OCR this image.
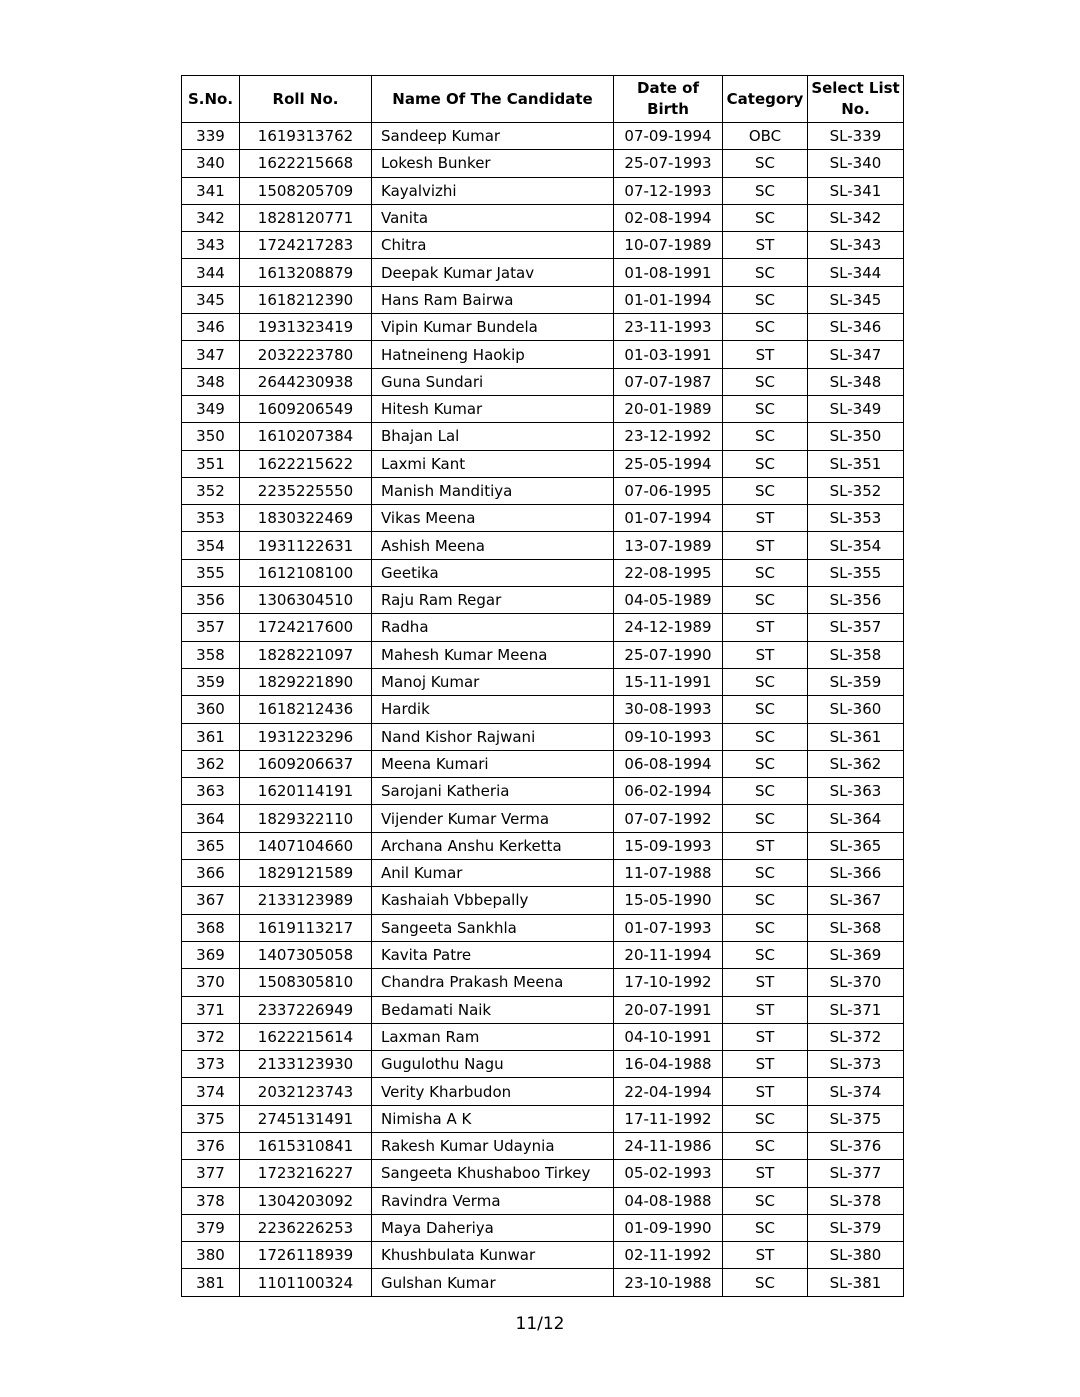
S.No.	Roll No.	Name Of The Candidate	Date of Birth	Category	Select List No.
339	1619313762	Sandeep Kumar	07-09-1994	OBC	SL-339
340	1622215668	Lokesh Bunker	25-07-1993	SC	SL-340
341	1508205709	Kayalvizhi	07-12-1993	SC	SL-341
342	1828120771	Vanita	02-08-1994	SC	SL-342
343	1724217283	Chitra	10-07-1989	ST	SL-343
344	1613208879	Deepak Kumar Jatav	01-08-1991	SC	SL-344
345	1618212390	Hans Ram Bairwa	01-01-1994	SC	SL-345
346	1931323419	Vipin Kumar Bundela	23-11-1993	SC	SL-346
347	2032223780	Hatneineng Haokip	01-03-1991	ST	SL-347
348	2644230938	Guna Sundari	07-07-1987	SC	SL-348
349	1609206549	Hitesh Kumar	20-01-1989	SC	SL-349
350	1610207384	Bhajan Lal	23-12-1992	SC	SL-350
351	1622215622	Laxmi Kant	25-05-1994	SC	SL-351
352	2235225550	Manish Manditiya	07-06-1995	SC	SL-352
353	1830322469	Vikas Meena	01-07-1994	ST	SL-353
354	1931122631	Ashish Meena	13-07-1989	ST	SL-354
355	1612108100	Geetika	22-08-1995	SC	SL-355
356	1306304510	Raju Ram Regar	04-05-1989	SC	SL-356
357	1724217600	Radha	24-12-1989	ST	SL-357
358	1828221097	Mahesh Kumar Meena	25-07-1990	ST	SL-358
359	1829221890	Manoj Kumar	15-11-1991	SC	SL-359
360	1618212436	Hardik	30-08-1993	SC	SL-360
361	1931223296	Nand Kishor Rajwani	09-10-1993	SC	SL-361
362	1609206637	Meena Kumari	06-08-1994	SC	SL-362
363	1620114191	Sarojani Katheria	06-02-1994	SC	SL-363
364	1829322110	Vijender Kumar Verma	07-07-1992	SC	SL-364
365	1407104660	Archana Anshu Kerketta	15-09-1993	ST	SL-365
366	1829121589	Anil Kumar	11-07-1988	SC	SL-366
367	2133123989	Kashaiah Vbbepally	15-05-1990	SC	SL-367
368	1619113217	Sangeeta Sankhla	01-07-1993	SC	SL-368
369	1407305058	Kavita Patre	20-11-1994	SC	SL-369
370	1508305810	Chandra Prakash Meena	17-10-1992	ST	SL-370
371	2337226949	Bedamati Naik	20-07-1991	ST	SL-371
372	1622215614	Laxman Ram	04-10-1991	ST	SL-372
373	2133123930	Gugulothu Nagu	16-04-1988	ST	SL-373
374	2032123743	Verity Kharbudon	22-04-1994	ST	SL-374
375	2745131491	Nimisha A K	17-11-1992	SC	SL-375
376	1615310841	Rakesh Kumar Udaynia	24-11-1986	SC	SL-376
377	1723216227	Sangeeta Khushaboo Tirkey	05-02-1993	ST	SL-377
378	1304203092	Ravindra Verma	04-08-1988	SC	SL-378
379	2236226253	Maya Daheriya	01-09-1990	SC	SL-379
380	1726118939	Khushbulata Kunwar	02-11-1992	ST	SL-380
381	1101100324	Gulshan Kumar	23-10-1988	SC	SL-381
11/12
